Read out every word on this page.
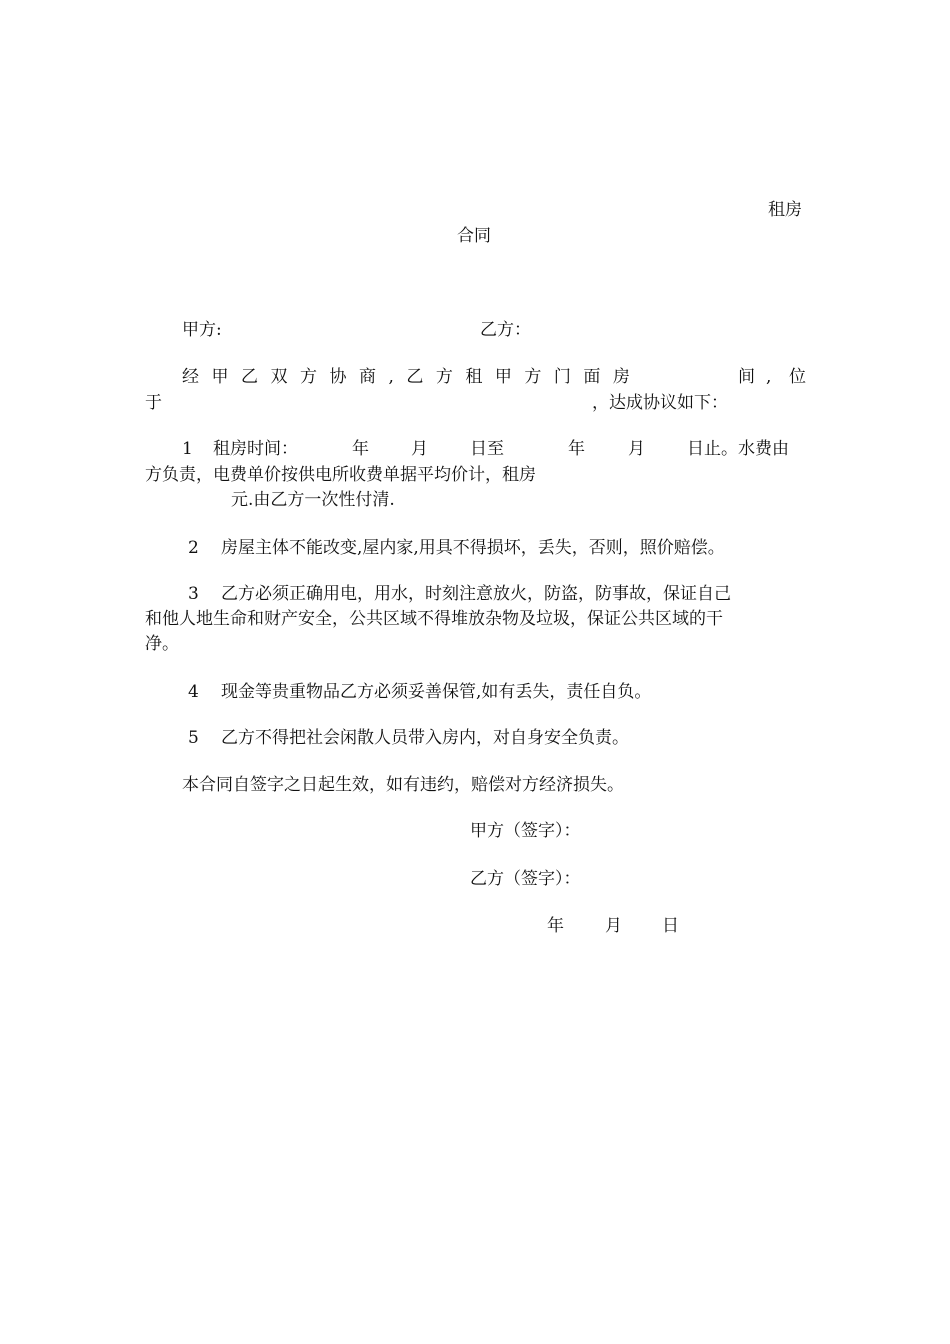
租房
合同
甲方:	乙方：
经 甲 乙 双 方 协 商 , 乙 方 租 甲 方 门 面 房	间 , 位
于	，达成协议如下：
1 租房时间：	年 月 日至	年	月 日止。水费由
方负责，电费单价按供电所收费单据平均价计，租房
元.由乙方一次性付清.
2 房屋主体不能改变,屋内家,用具不得损坏，丢失，否则，照价赔偿。
3 乙方必须正确用电，用水，时刻注意放火，防盗，防事故，保证自己
和他人地生命和财产安全，公共区域不得堆放杂物及垃圾，保证公共区域的干
净。
4 现金等贵重物品乙方必须妥善保管,如有丢失，责任自负。
5 乙方不得把社会闲散人员带入房内，对自身安全负责。
本合同自签字之日起生效，如有违约，赔偿对方经济损失。
甲方（签字）：
乙方（签字）：
年 月 日
